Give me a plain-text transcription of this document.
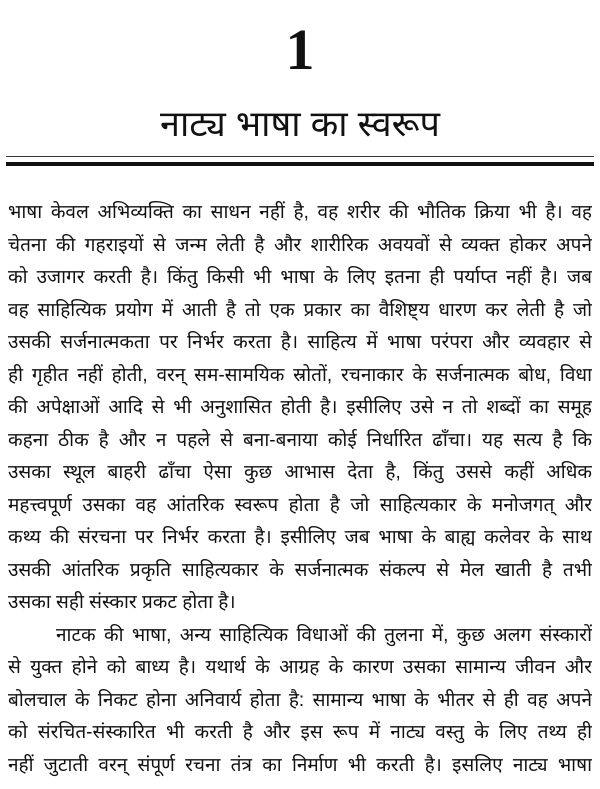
1
नाट्य भाषा का स्वरूप
भाषा केवल अभिव्यक्ति का साधन नहीं है, वह शरीर की भौतिक क्रिया भी है। वह
चेतना की गहराइयों से जन्म लेती है और शारीरिक अवयवों से व्यक्त होकर अपने
को उजागर करती है। किंतु किसी भी भाषा के लिए इतना ही पर्याप्त नहीं है। जब
वह साहित्यिक प्रयोग में आती है तो एक प्रकार का वैशिष्ट्य धारण कर लेती है जो
उसकी सर्जनात्मकता पर निर्भर करता है। साहित्य में भाषा परंपरा और व्यवहार से
ही गृहीत नहीं होती, वरन् सम-सामयिक स्रोतों, रचनाकार के सर्जनात्मक बोध, विधा
की अपेक्षाओं आदि से भी अनुशासित होती है। इसीलिए उसे न तो शब्दों का समूह
कहना ठीक है और न पहले से बना-बनाया कोई निर्धारित ढाँचा। यह सत्य है कि
उसका स्थूल बाहरी ढाँचा ऐसा कुछ आभास देता है, किंतु उससे कहीं अधिक
महत्त्वपूर्ण उसका वह आंतरिक स्वरूप होता है जो साहित्यकार के मनोजगत् और
कथ्य की संरचना पर निर्भर करता है। इसीलिए जब भाषा के बाह्य कलेवर के साथ
उसकी आंतरिक प्रकृति साहित्यकार के सर्जनात्मक संकल्प से मेल खाती है तभी
उसका सही संस्कार प्रकट होता है।
नाटक की भाषा, अन्य साहित्यिक विधाओं की तुलना में, कुछ अलग संस्कारों
से युक्त होने को बाध्य है। यथार्थ के आग्रह के कारण उसका सामान्य जीवन और
बोलचाल के निकट होना अनिवार्य होता है: सामान्य भाषा के भीतर से ही वह अपने
को संरचित-संस्कारित भी करती है और इस रूप में नाट्य वस्तु के लिए तथ्य ही
नहीं जुटाती वरन् संपूर्ण रचना तंत्र का निर्माण भी करती है। इसलिए नाट्य भाषा
